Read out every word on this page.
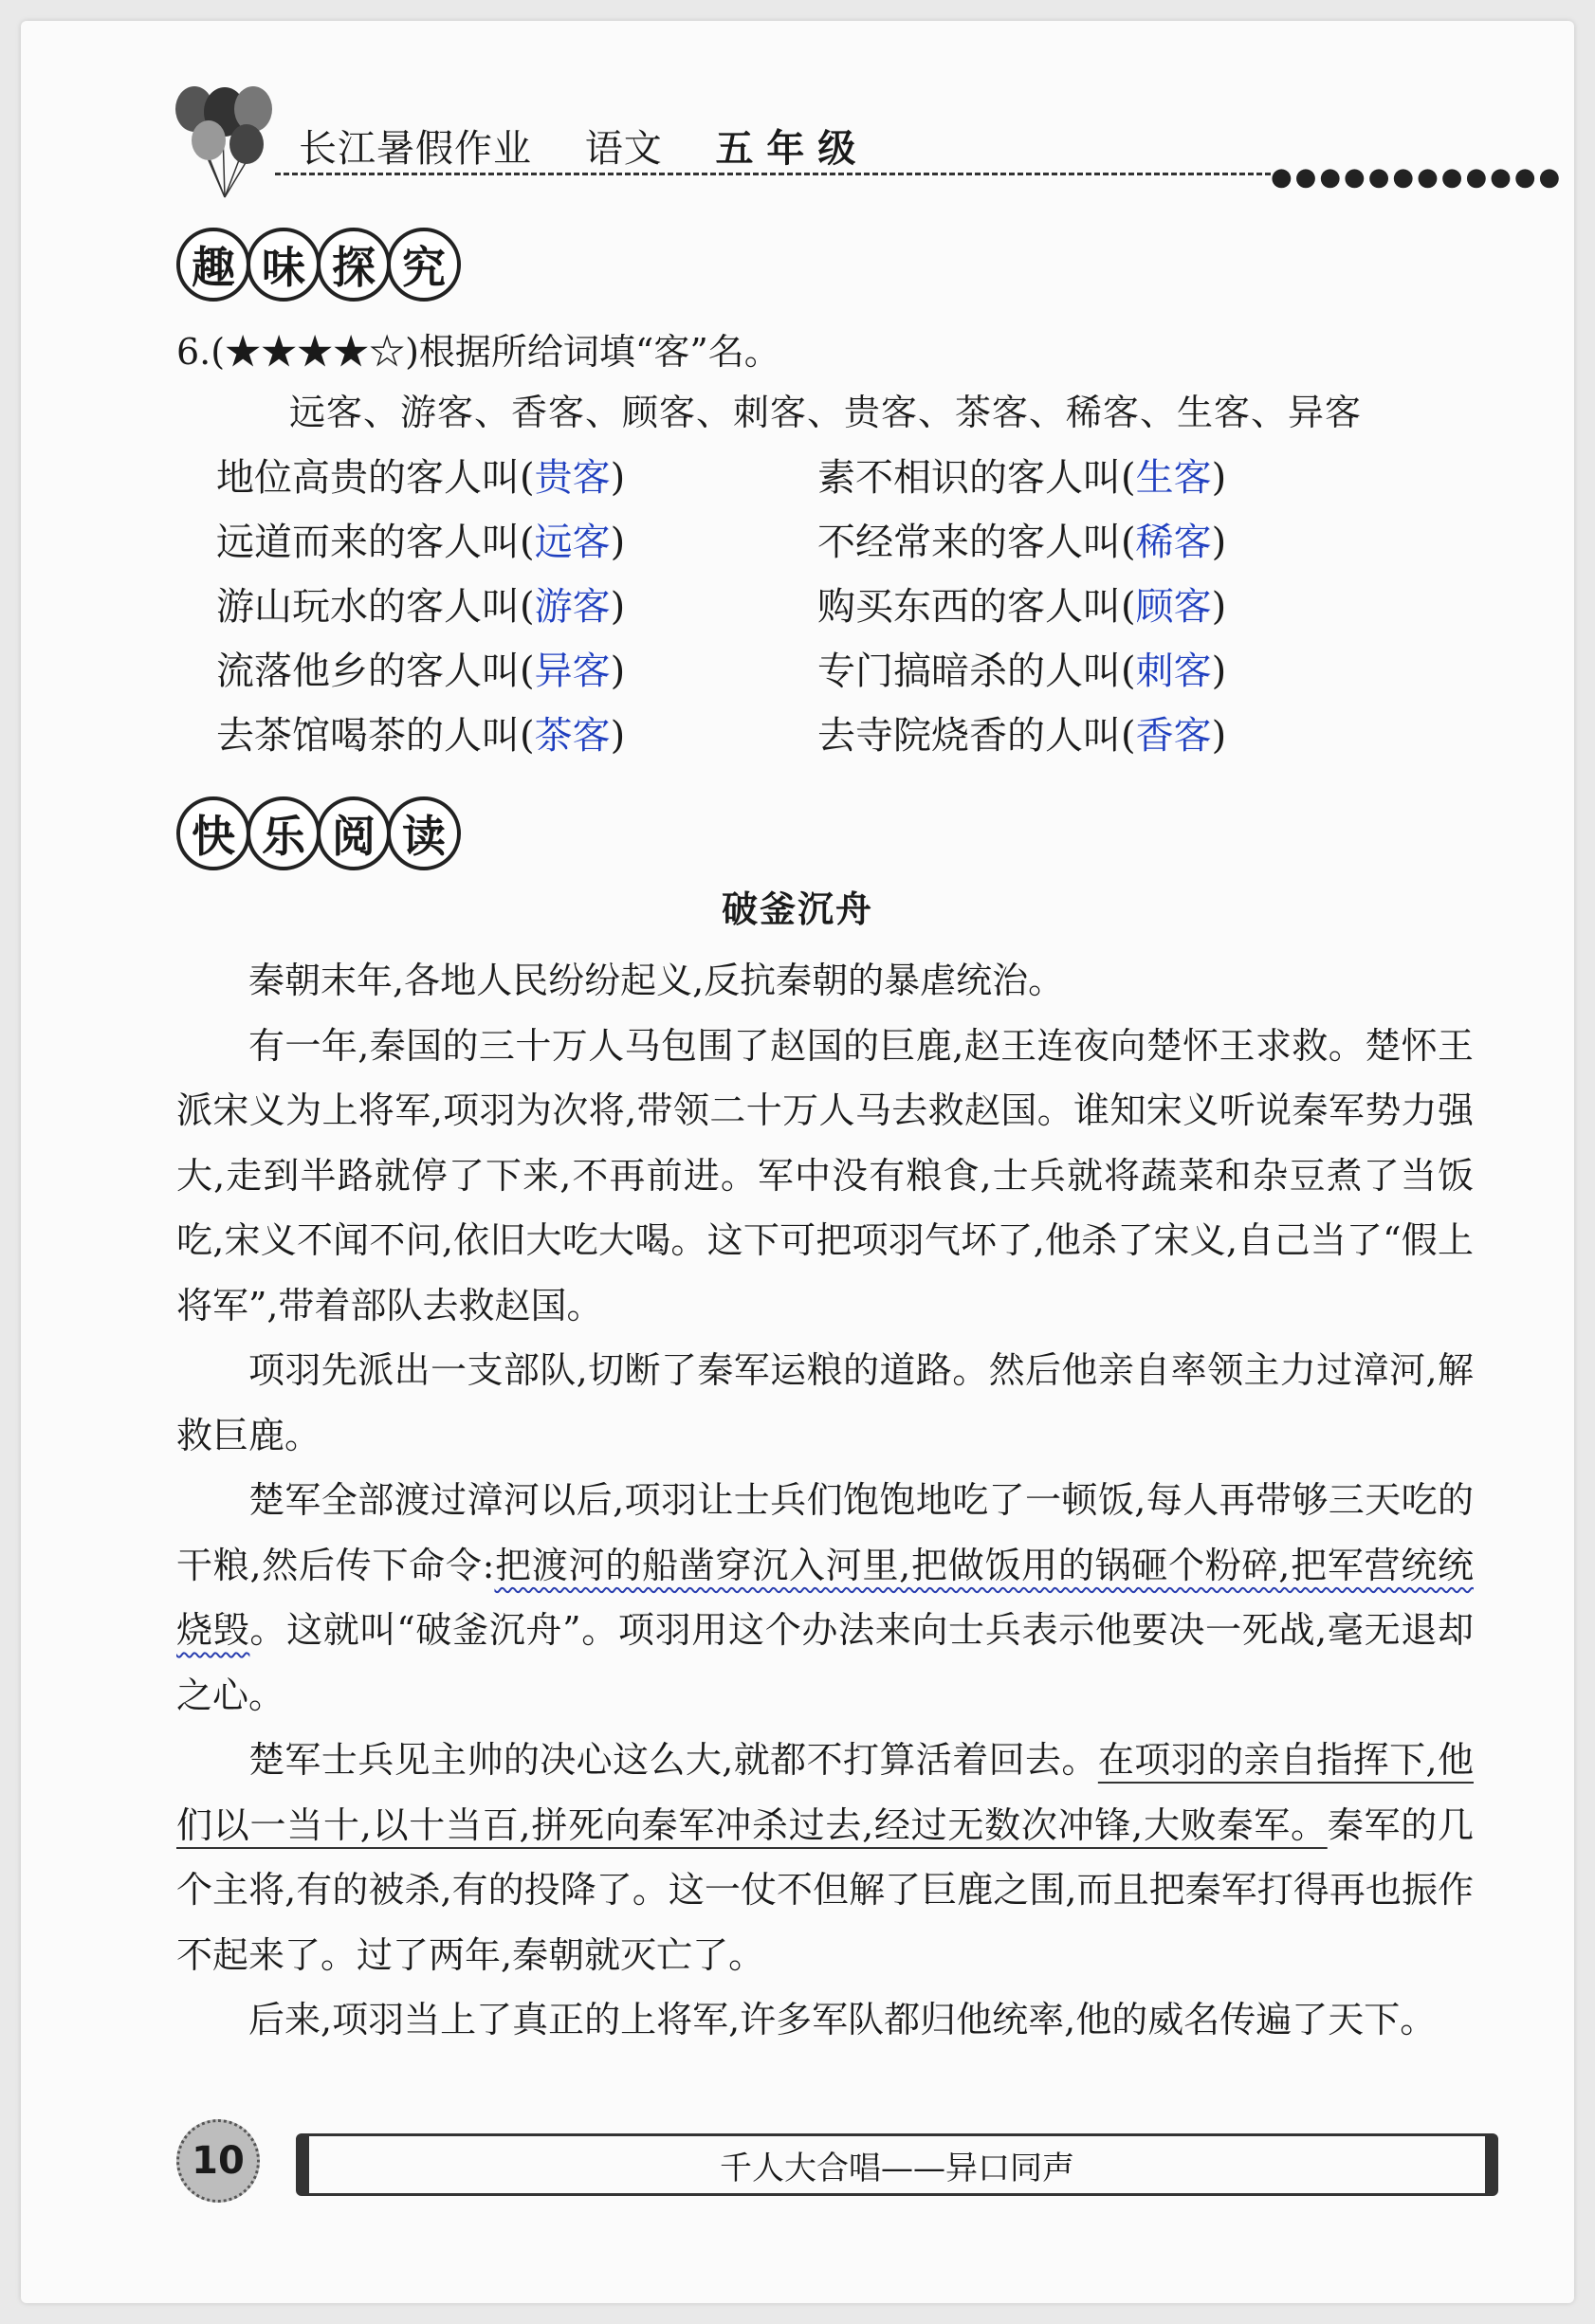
长江暑假作业 语文 五年级
●●●●●●●●●●●●
趣 味 探 究
6.(★★★★☆)根据所给词填“客”名。
远客、游客、香客、顾客、刺客、贵客、茶客、稀客、生客、异客
地位高贵的客人叫(贵客)	素不相识的客人叫(生客)
远道而来的客人叫(远客)	不经常来的客人叫(稀客)
游山玩水的客人叫(游客)	购买东西的客人叫(顾客)
流落他乡的客人叫(异客)	专门搞暗杀的人叫(刺客)
去茶馆喝茶的人叫(茶客)	去寺院烧香的人叫(香客)
快 乐 阅 读
破釜沉舟

秦朝末年,各地人民纷纷起义,反抗秦朝的暴虐统治。

有一年,秦国的三十万人马包围了赵国的巨鹿,赵王连夜向楚怀王求救。楚怀王派宋义为上将军,项羽为次将,带领二十万人马去救赵国。谁知宋义听说秦军势力强大,走到半路就停了下来,不再前进。军中没有粮食,士兵就将蔬菜和杂豆煮了当饭吃,宋义不闻不问,依旧大吃大喝。这下可把项羽气坏了,他杀了宋义,自己当了“假上将军”,带着部队去救赵国。

项羽先派出一支部队,切断了秦军运粮的道路。然后他亲自率领主力过漳河,解救巨鹿。

楚军全部渡过漳河以后,项羽让士兵们饱饱地吃了一顿饭,每人再带够三天吃的干粮,然后传下命令:把渡河的船凿穿沉入河里,把做饭用的锅砸个粉碎,把军营统统烧毁。这就叫“破釜沉舟”。项羽用这个办法来向士兵表示他要决一死战,毫无退却之心。

楚军士兵见主帅的决心这么大,就都不打算活着回去。在项羽的亲自指挥下,他们以一当十,以十当百,拼死向秦军冲杀过去,经过无数次冲锋,大败秦军。秦军的几个主将,有的被杀,有的投降了。这一仗不但解了巨鹿之围,而且把秦军打得再也振作不起来了。过了两年,秦朝就灭亡了。

后来,项羽当上了真正的上将军,许多军队都归他统率,他的威名传遍了天下。

10	千人大合唱——异口同声
